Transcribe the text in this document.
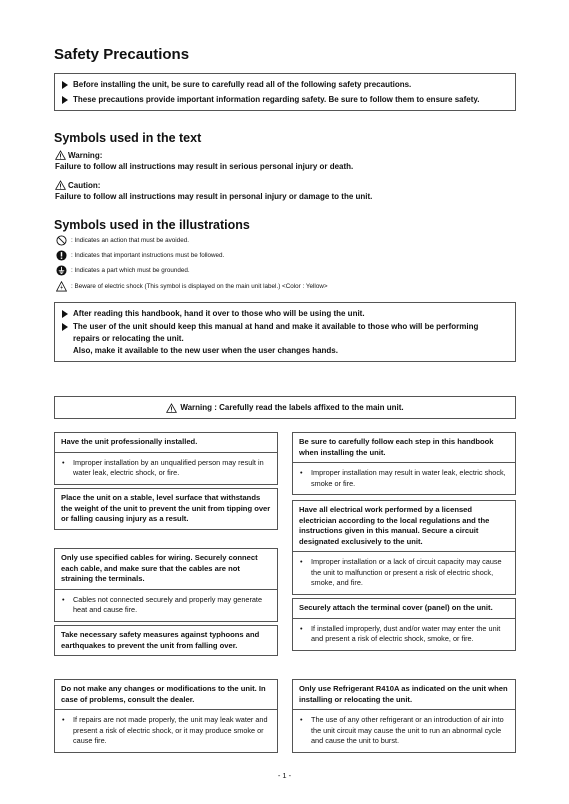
Safety Precautions
Before installing the unit, be sure to carefully read all of the following safety precautions.
These precautions provide important information regarding safety. Be sure to follow them to ensure safety.
Symbols used in the text
Warning:
Failure to follow all instructions may result in serious personal injury or death.
Caution:
Failure to follow all instructions may result in personal injury or damage to the unit.
Symbols used in the illustrations
: Indicates an action that must be avoided.
: Indicates that important instructions must be followed.
: Indicates a part which must be grounded.
: Beware of electric shock (This symbol is displayed on the main unit label.) <Color : Yellow>
After reading this handbook, hand it over to those who will be using the unit.
The user of the unit should keep this manual at hand and make it available to those who will be performing
repairs or relocating the unit.
Also, make it available to the new user when the user changes hands.
Warning : Carefully read the labels affixed to the main unit.
Have the unit professionally installed.
• Improper installation by an unqualified person may result in water leak, electric shock, or fire.
Place the unit on a stable, level surface that withstands the weight of the unit to prevent the unit from tipping over or falling causing injury as a result.
Only use specified cables for wiring. Securely connect each cable, and make sure that the cables are not straining the terminals.
• Cables not connected securely and properly may generate heat and cause fire.
Take necessary safety measures against typhoons and earthquakes to prevent the unit from falling over.
Do not make any changes or modifications to the unit. In case of problems, consult the dealer.
• If repairs are not made properly, the unit may leak water and present a risk of electric shock, or it may produce smoke or cause fire.
Be sure to carefully follow each step in this handbook when installing the unit.
• Improper installation may result in water leak, electric shock, smoke or fire.
Have all electrical work performed by a licensed electrician according to the local regulations and the instructions given in this manual. Secure a circuit designated exclusively to the unit.
• Improper installation or a lack of circuit capacity may cause the unit to malfunction or present a risk of electric shock, smoke, and fire.
Securely attach the terminal cover (panel) on the unit.
• If installed improperly, dust and/or water may enter the unit and present a risk of electric shock, smoke, or fire.
Only use Refrigerant R410A as indicated on the unit when installing or relocating the unit.
• The use of any other refrigerant or an introduction of air into the unit circuit may cause the unit to run an abnormal cycle and cause the unit to burst.
- 1 -
